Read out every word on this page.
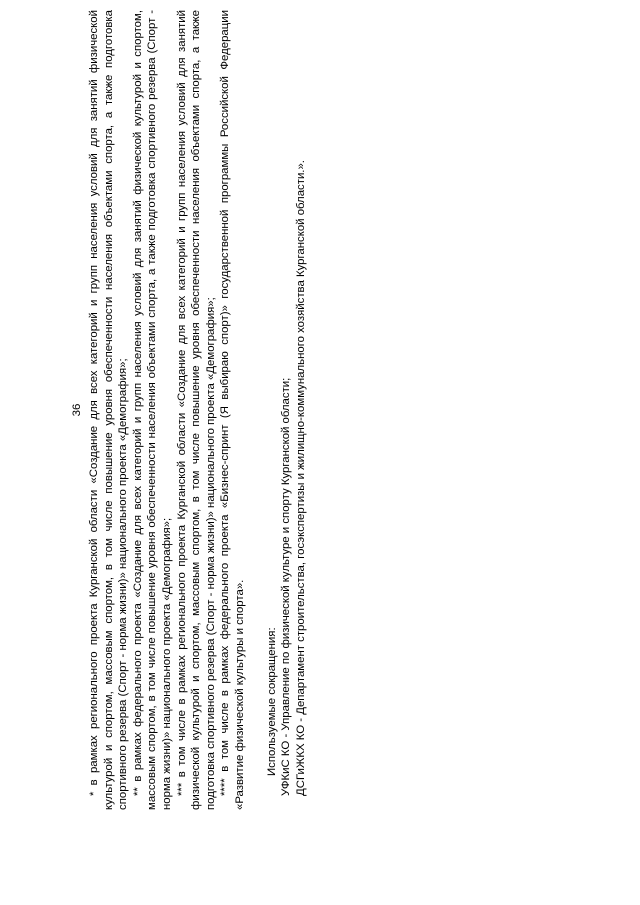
36 * в рамках регионального проекта Курганской области «Создание для всех категорий и групп населения условий для занятий физической культурой и спортом, массовым спортом, в том числе повышение уровня обеспеченности населения объектами спорта, а также подготовка спортивного резерва (Спорт - норма жизни)» национального проекта «Демография»; ** в рамках федерального проекта «Создание для всех категорий и групп населения условий для занятий физической культурой и спортом, массовым спортом, в том числе повышение уровня обеспеченности населения объектами спорта, а также подготовка спортивного резерва (Спорт - норма жизни)» национального проекта «Демография»; *** в том числе в рамках регионального проекта Курганской области «Создание для всех категорий и групп населения условий для занятий физической культурой и спортом, массовым спортом, в том числе повышение уровня обеспеченности населения объектами спорта, а также подготовка спортивного резерва (Спорт - норма жизни)» национального проекта «Демография»; **** в том числе в рамках федерального проекта «Бизнес-спринт (Я выбираю спорт)» государственной программы Российской Федерации «Развитие физической культуры и спорта». Используемые сокращения: УФКиС КО - Управление по физической культуре и спорту Курганской области; ДСГиЖКХ КО - Департамент строительства, госэкспертизы и жилищно-коммунального хозяйства Курганской области.».
